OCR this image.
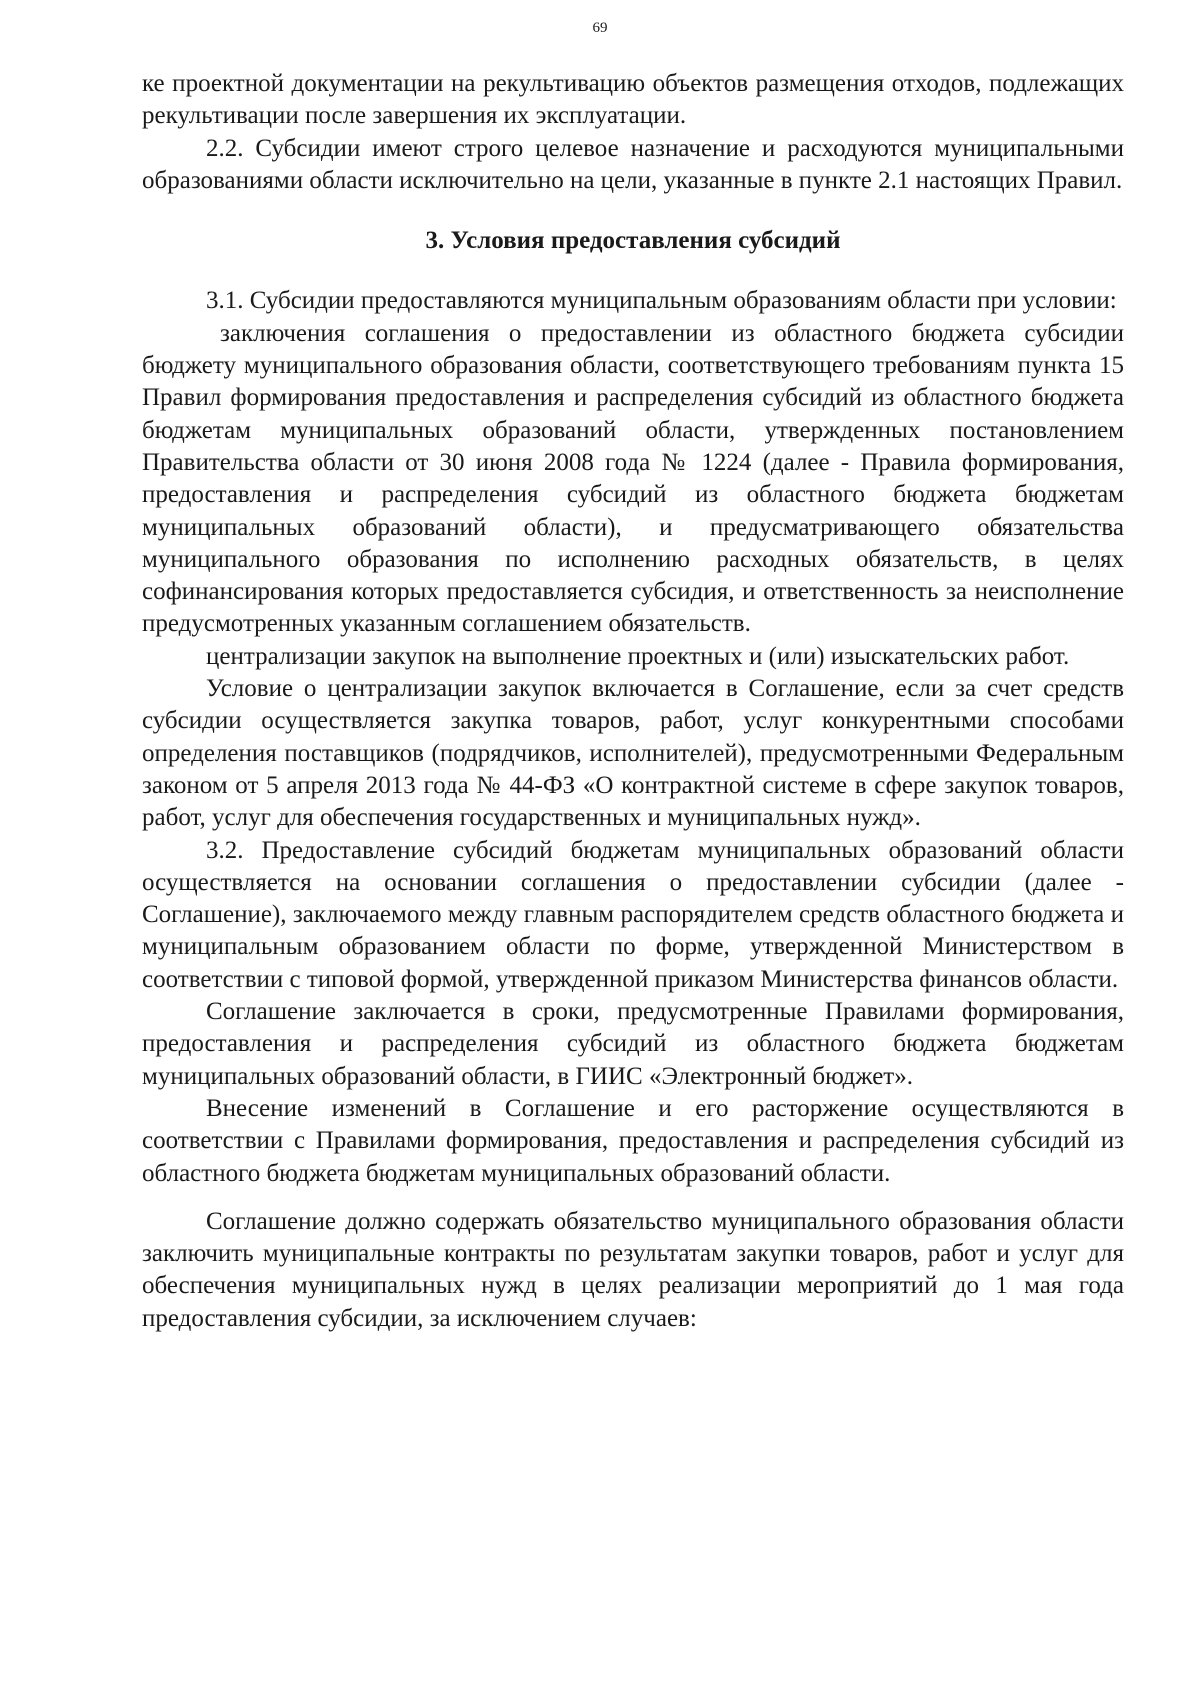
69

ке проектной документации на рекультивацию объектов размещения отходов, подлежащих рекультивации после завершения их эксплуатации.

2.2. Субсидии имеют строго целевое назначение и расходуются муниципальными образованиями области исключительно на цели, указанные в пункте 2.1 настоящих Правил.

3. Условия предоставления субсидий

3.1. Субсидии предоставляются муниципальным образованиям области при условии:

заключения соглашения о предоставлении из областного бюджета субсидии бюджету муниципального образования области, соответствующего требованиям пункта 15 Правил формирования предоставления и распределения субсидий из областного бюджета бюджетам муниципальных образований области, утвержденных постановлением Правительства области от 30 июня 2008 года № 1224 (далее - Правила формирования, предоставления и распределения субсидий из областного бюджета бюджетам муниципальных образований области), и предусматривающего обязательства муниципального образования по исполнению расходных обязательств, в целях софинансирования которых предоставляется субсидия, и ответственность за неисполнение предусмотренных указанным соглашением обязательств.

централизации закупок на выполнение проектных и (или) изыскательских работ.

Условие о централизации закупок включается в Соглашение, если за счет средств субсидии осуществляется закупка товаров, работ, услуг конкурентными способами определения поставщиков (подрядчиков, исполнителей), предусмотренными Федеральным законом от 5 апреля 2013 года № 44-ФЗ «О контрактной системе в сфере закупок товаров, работ, услуг для обеспечения государственных и муниципальных нужд».

3.2. Предоставление субсидий бюджетам муниципальных образований области осуществляется на основании соглашения о предоставлении субсидии (далее - Соглашение), заключаемого между главным распорядителем средств областного бюджета и муниципальным образованием области по форме, утвержденной Министерством в соответствии с типовой формой, утвержденной приказом Министерства финансов области.

Соглашение заключается в сроки, предусмотренные Правилами формирования, предоставления и распределения субсидий из областного бюджета бюджетам муниципальных образований области, в ГИИС «Электронный бюджет».

Внесение изменений в Соглашение и его расторжение осуществляются в соответствии с Правилами формирования, предоставления и распределения субсидий из областного бюджета бюджетам муниципальных образований области.

Соглашение должно содержать обязательство муниципального образования области заключить муниципальные контракты по результатам закупки товаров, работ и услуг для обеспечения муниципальных нужд в целях реализации мероприятий до 1 мая года предоставления субсидии, за исключением случаев:
